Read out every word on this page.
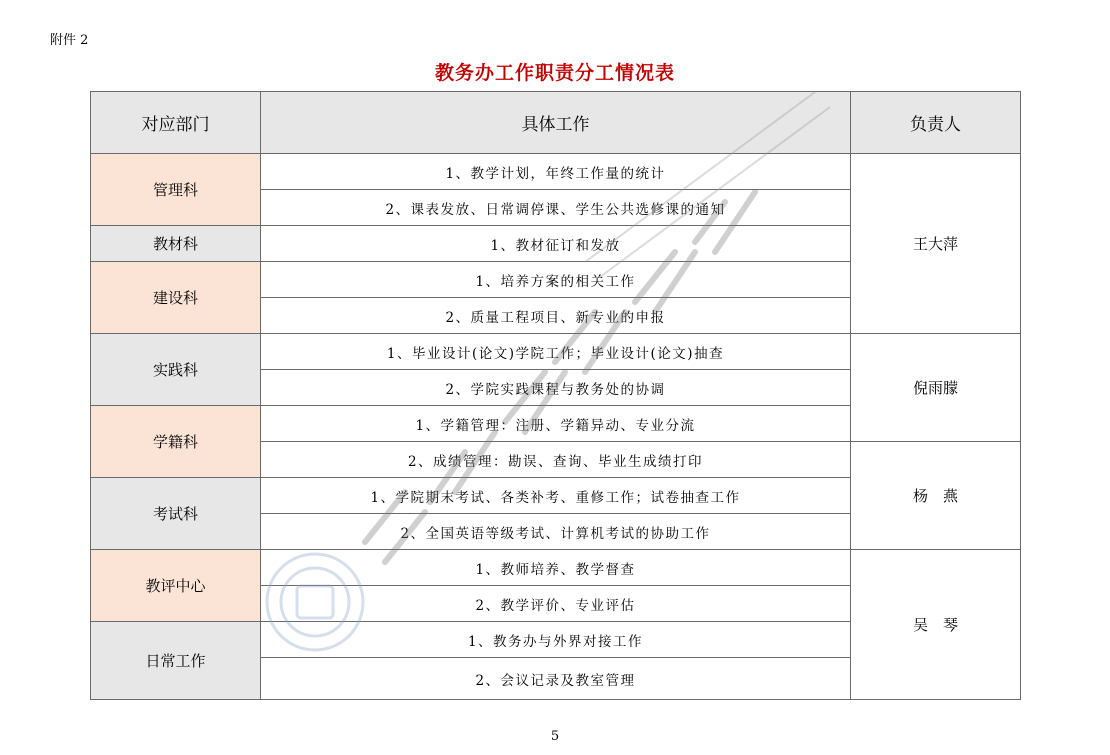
附件 2
教务办工作职责分工情况表
对应部门	具体工作	负责人
管理科	1、教学计划，年终工作量的统计	王大萍
	2、课表发放、日常调停课、学生公共选修课的通知	
教材科	1、教材征订和发放	
建设科	1、培养方案的相关工作	
	2、质量工程项目、新专业的申报	
实践科	1、毕业设计(论文)学院工作；毕业设计(论文)抽查	倪雨朦
	2、学院实践课程与教务处的协调	
学籍科	1、学籍管理：注册、学籍异动、专业分流	
	2、成绩管理：勘误、查询、毕业生成绩打印	杨　燕
考试科	1、学院期末考试、各类补考、重修工作；试卷抽查工作	
	2、全国英语等级考试、计算机考试的协助工作	
教评中心	1、教师培养、教学督查	吴　琴
	2、教学评价、专业评估	
日常工作	1、教务办与外界对接工作	
	2、会议记录及教室管理	
5
